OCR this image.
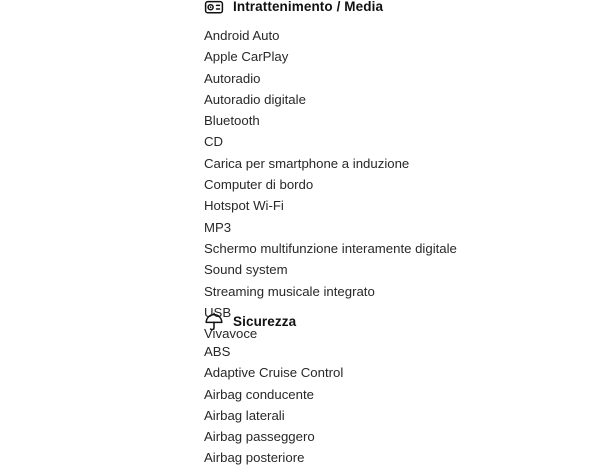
Intrattenimento / Media
Android Auto
Apple CarPlay
Autoradio
Autoradio digitale
Bluetooth
CD
Carica per smartphone a induzione
Computer di bordo
Hotspot Wi-Fi
MP3
Schermo multifunzione interamente digitale
Sound system
Streaming musicale integrato
USB
Vivavoce
Sicurezza
ABS
Adaptive Cruise Control
Airbag conducente
Airbag laterali
Airbag passeggero
Airbag posteriore
